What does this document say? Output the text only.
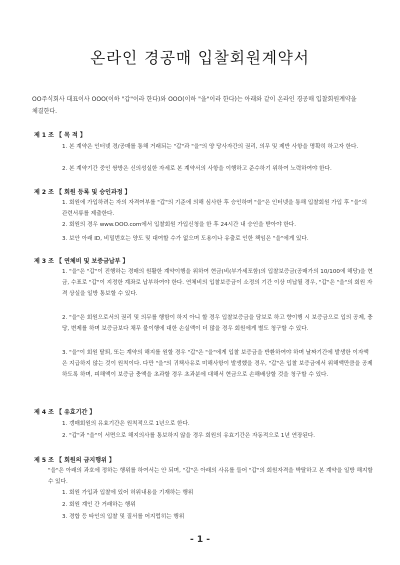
온라인 경공매 입찰회원계약서
OO주식회사 대표이사 OOO(이하 "갑"이라 한다)와 OOO(이하 "을"이라 한다)는 아래와 같이 온라인 경공매 입찰회원계약을 체결한다.
제 1 조 【 목 적 】
1. 본 계약은 인터넷 경/공매를 통해 거래되는 "갑"과 "을"의 양 당사자간의 권리, 의무 및 제반 사항을 명확히 하고자 한다.
2. 본 계약기간 중인 쌍방은 신의성실한 자세로 본 계약서의 사항을 이행하고 준수하기 위하여 노력하여야 한다.
제 2 조 【 회원 등록 및 승인과정 】
1. 회원에 가입하려는 자의 자격여부를 "갑"의 기준에 의해 심사한 후 승인하며 "을"은 인터넷을 통해 입찰회원 가입 후 "을"의 관련서류를 제출한다.
2. 회원의 경우 www.OOO.com에서 입찰회원 가입신청을 한 후 24시간 내 승인을 받아야 한다.
3. 보안 아래 ID, 비밀번호는 양도 및 대여할 수가 없으며 도용이나 유출로 인한 책임은 "을"에게 있다.
제 3 조 【 연체비 및 보증금납부 】
1. "을"은 "갑"이 진행하는 경매의 원활한 계약이행을 위하여 현금(비(부가세포함)의 입찰보증금(공매가의 10/100에 해당)을 현금, 수표로 "갑"이 지정한 계좌로 납부하여야 한다. 연체비의 입찰보증금이 소정의 기간 이상 미납될 경우, "갑"은 "을"의 회원 자격 상실을 일방 통보할 수 있다.
2. "을"은 회원으로서의 권리 및 의무를 행함이 하지 아니 할 경우 입찰보증금을 담보로 하고 향이행 시 보증금으로 입의 공제, 충당, 변제를 하며 보증금보다 채무 불이행에 대한 손실액이 더 많을 경우 회원에게 별도 청구할 수 있다.
3. "을"이 회원 탈퇴, 또는 계약의 해지를 원할 경우 "갑"은 "을"에게 입찰 보증금을 반환하여야 하며 날짜기간에 발생한 이자액은 지급하지 않는 것이 원칙이다. 다만 "을"의 귀책사유로 미해사항이 발생했을 경우, "갑"은 입찰 보증금에서 위해액만큼을 공제하도록 하며, 피해액이 보증금 충액을 초과할 경우 초과분에 대해서 현금으로 손해배상할 것을 청구할 수 있다.
제 4 조 【 유효기간 】
1. 갱매회원의 유효기간은 원칙적으로 1년으로 한다.
2. "갑"과 "을"이 서면으로 해지의사를 통보하지 않을 경우 회원의 유효기간은 자동적으로 1년 연장된다.
제 5 조 【 회원의 금지행위 】
"을"은 아래의 과호에 정하는 행위를 하여서는 안 되며, "갑"은 아래의 사유를 들어 "갑"의 회원자격을 박탈하고 본 계약을 일방 해지할 수 있다.
1. 회원 가입과 입찰에 있어 허위내용을 기재하는 행위
2. 회원 계인 간 거래하는 행위
3. 경합 등 타인의 입찰 및 질서를 어지럽히는 행위
- 1 -
